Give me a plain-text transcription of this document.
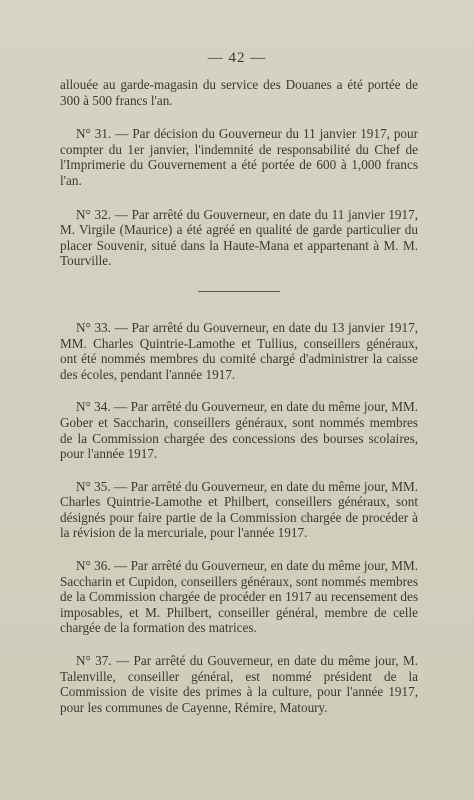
— 42 —

allouée au garde-magasin du service des Douanes a été portée de 300 à 500 francs l'an.

N° 31. — Par décision du Gouverneur du 11 janvier 1917, pour compter du 1er janvier, l'indemnité de responsabilité du Chef de l'Imprimerie du Gouvernement a été portée de 600 à 1,000 francs l'an.

N° 32. — Par arrêté du Gouverneur, en date du 11 janvier 1917, M. Virgile (Maurice) a été agréé en qualité de garde particulier du placer Souvenir, situé dans la Haute-Mana et appartenant à M. M. Tourville.

N° 33. — Par arrêté du Gouverneur, en date du 13 janvier 1917, MM. Charles Quintrie-Lamothe et Tullius, conseillers généraux, ont été nommés membres du comité chargé d'administrer la caisse des écoles, pendant l'année 1917.

N° 34. — Par arrêté du Gouverneur, en date du même jour, MM. Gober et Saccharin, conseillers généraux, sont nommés membres de la Commission chargée des concessions des bourses scolaires, pour l'année 1917.

N° 35. — Par arrêté du Gouverneur, en date du même jour, MM. Charles Quintrie-Lamothe et Philbert, conseillers généraux, sont désignés pour faire partie de la Commission chargée de procéder à la révision de la mercuriale, pour l'année 1917.

N° 36. — Par arrêté du Gouverneur, en date du même jour, MM. Saccharin et Cupidon, conseillers généraux, sont nommés membres de la Commission chargée de procéder en 1917 au recensement des imposables, et M. Philbert, conseiller général, membre de celle chargée de la formation des matrices.

N° 37. — Par arrêté du Gouverneur, en date du même jour, M. Talenville, conseiller général, est nommé président de la Commission de visite des primes à la culture, pour l'année 1917, pour les communes de Cayenne, Rémire, Matoury.
